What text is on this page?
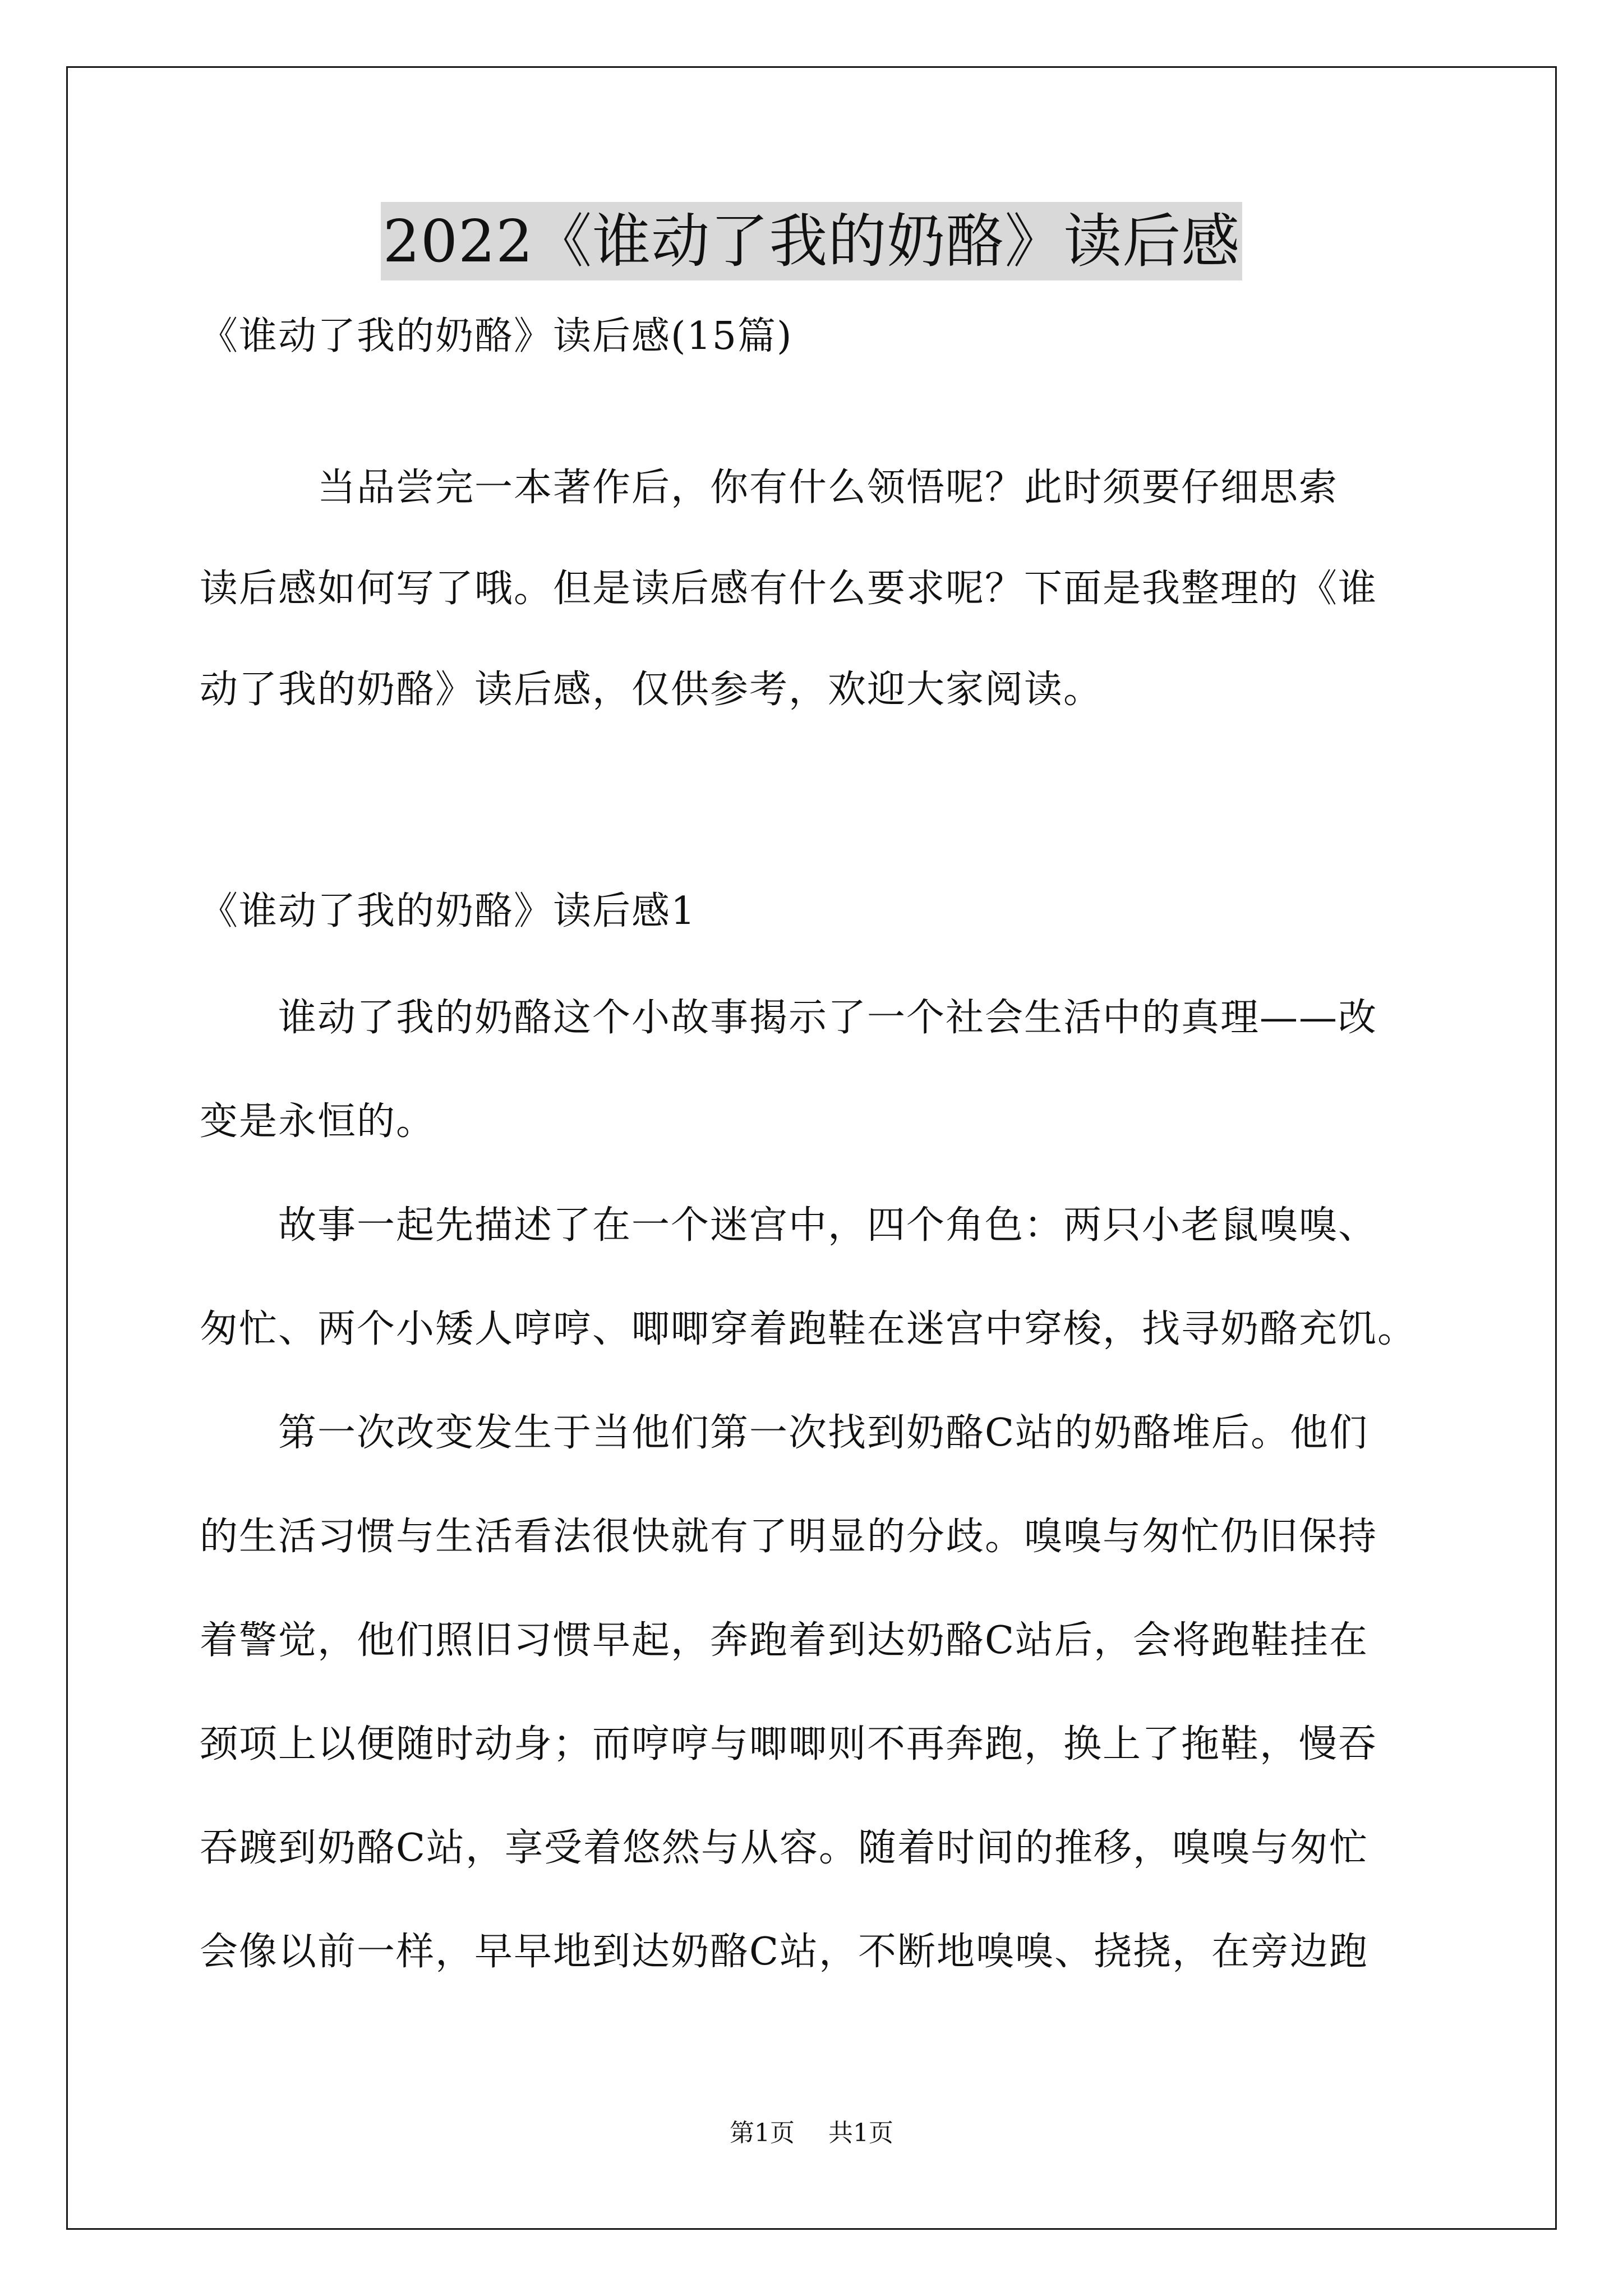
2022《谁动了我的奶酪》读后感
《谁动了我的奶酪》读后感(15篇)
　　　当品尝完一本著作后，你有什么领悟呢？此时须要仔细思索
读后感如何写了哦。但是读后感有什么要求呢？下面是我整理的《谁
动了我的奶酪》读后感，仅供参考，欢迎大家阅读。
《谁动了我的奶酪》读后感1
　　谁动了我的奶酪这个小故事揭示了一个社会生活中的真理——改
变是永恒的。
　　故事一起先描述了在一个迷宫中，四个角色：两只小老鼠嗅嗅、
匆忙、两个小矮人哼哼、唧唧穿着跑鞋在迷宫中穿梭，找寻奶酪充饥。
　　第一次改变发生于当他们第一次找到奶酪C站的奶酪堆后。他们
的生活习惯与生活看法很快就有了明显的分歧。嗅嗅与匆忙仍旧保持
着警觉，他们照旧习惯早起，奔跑着到达奶酪C站后，会将跑鞋挂在
颈项上以便随时动身；而哼哼与唧唧则不再奔跑，换上了拖鞋，慢吞
吞踱到奶酪C站，享受着悠然与从容。随着时间的推移，嗅嗅与匆忙
会像以前一样，早早地到达奶酪C站，不断地嗅嗅、挠挠，在旁边跑
第1页 共1页
